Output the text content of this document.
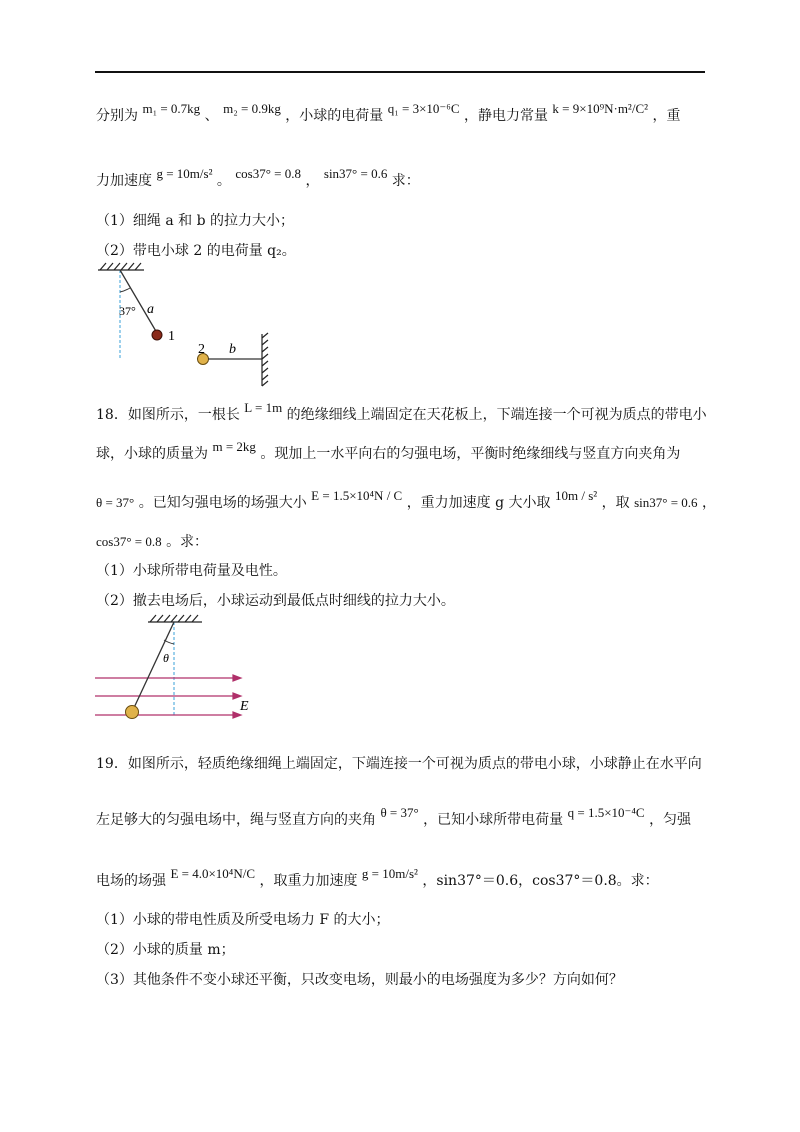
分别为 m₁ = 0.7kg 、 m₂ = 0.9kg ，小球的电荷量 q₁ = 3×10⁻⁶C ，静电力常量 k = 9×10⁹N·m²/C² ，重
力加速度 g = 10m/s² 。 cos37° = 0.8 ， sin37° = 0.6 求：
（1）细绳 a 和 b 的拉力大小；
（2）带电小球 2 的电荷量 q₂。
37° a
1
2 b
18．如图所示，一根长 L = 1m 的绝缘细线上端固定在天花板上，下端连接一个可视为质点的带电小
球，小球的质量为 m = 2kg 。现加上一水平向右的匀强电场，平衡时绝缘细线与竖直方向夹角为
θ = 37° 。已知匀强电场的场强大小 E = 1.5×10⁴N / C ，重力加速度 g 大小取 10m / s² ，取 sin37° = 0.6 ，
cos37° = 0.8 。求：
（1）小球所带电荷量及电性。
（2）撤去电场后，小球运动到最低点时细线的拉力大小。
θ
E
19．如图所示，轻质绝缘细绳上端固定，下端连接一个可视为质点的带电小球，小球静止在水平向
左足够大的匀强电场中，绳与竖直方向的夹角 θ = 37° ，已知小球所带电荷量 q = 1.5×10⁻⁴C ，匀强
电场的场强 E = 4.0×10⁴N/C ，取重力加速度 g = 10m/s² ，sin37°＝0.6，cos37°＝0.8。求：
（1）小球的带电性质及所受电场力 F 的大小；
（2）小球的质量 m；
（3）其他条件不变小球还平衡，只改变电场，则最小的电场强度为多少？方向如何？
